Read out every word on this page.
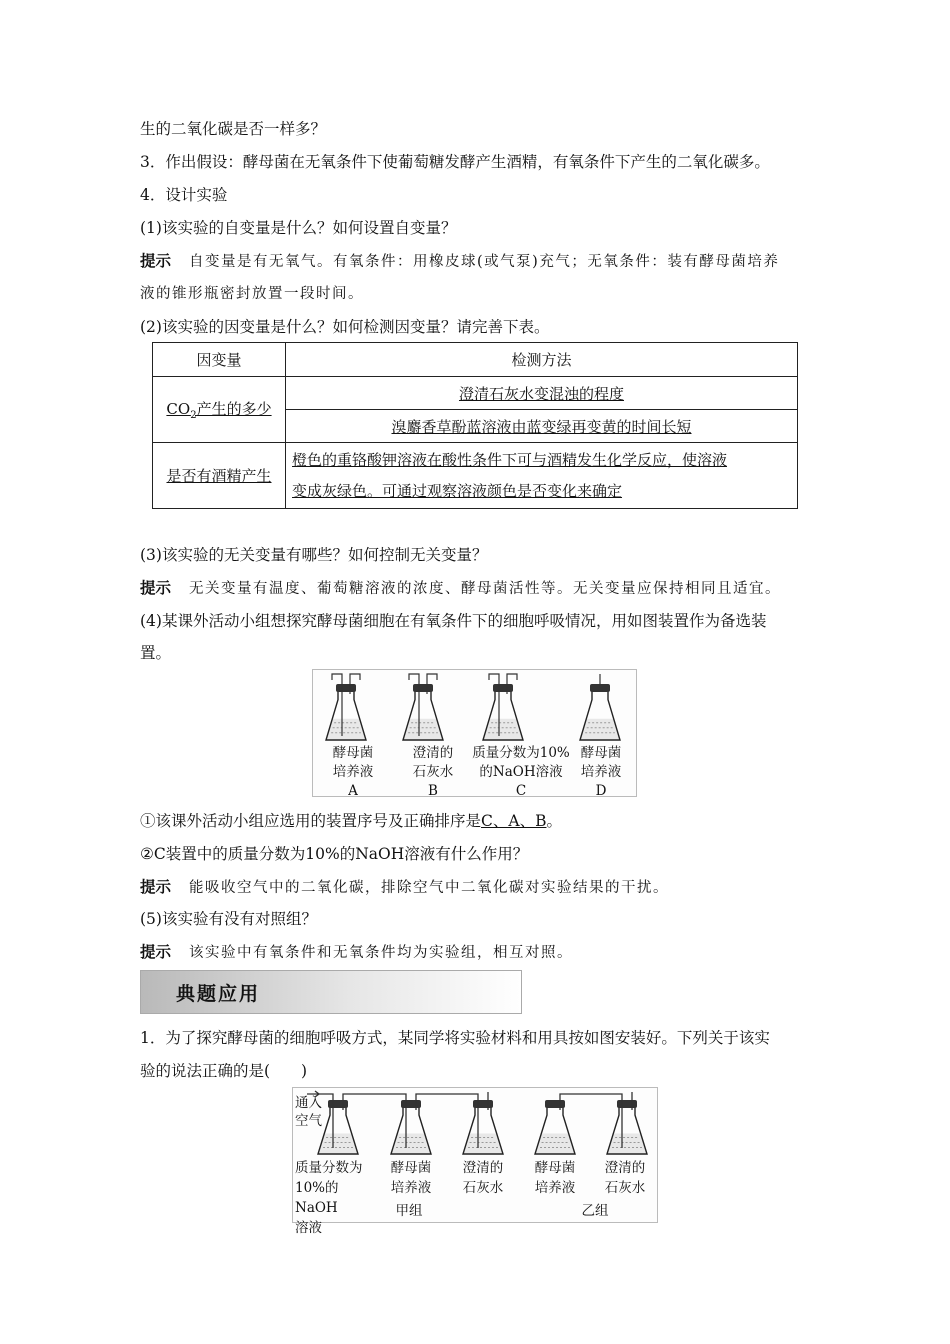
生的二氧化碳是否一样多？
3．作出假设：酵母菌在无氧条件下使葡萄糖发酵产生酒精，有氧条件下产生的二氧化碳多。
4．设计实验
(1)该实验的自变量是什么？如何设置自变量？
提示 自变量是有无氧气。有氧条件：用橡皮球(或气泵)充气；无氧条件：装有酵母菌培养
液的锥形瓶密封放置一段时间。
(2)该实验的因变量是什么？如何检测因变量？请完善下表。
因变量	检测方法
$CO_2$产生的多少	澄清石灰水变混浊的程度
	溴麝香草酚蓝溶液由蓝变绿再变黄的时间长短
是否有酒精产生	橙色的重铬酸钾溶液在酸性条件下可与酒精发生化学反应，使溶液
变成灰绿色。可通过观察溶液颜色是否变化来确定
(3)该实验的无关变量有哪些？如何控制无关变量？
提示 无关变量有温度、葡萄糖溶液的浓度、酵母菌活性等。无关变量应保持相同且适宜。
(4)某课外活动小组想探究酵母菌细胞在有氧条件下的细胞呼吸情况，用如图装置作为备选装
置。
酵母菌
培养液
A
澄清的
石灰水
B
质量分数为10%
的NaOH溶液
C
酵母菌
培养液
D
①该课外活动小组应选用的装置序号及正确排序是C、A、B。
②C装置中的质量分数为10%的NaOH溶液有什么作用？
提示 能吸收空气中的二氧化碳，排除空气中二氧化碳对实验结果的干扰。
(5)该实验有没有对照组？
提示 该实验中有氧条件和无氧条件均为实验组，相互对照。
典题应用
1．为了探究酵母菌的细胞呼吸方式，某同学将实验材料和用具按如图安装好。下列关于该实
验的说法正确的是(　　)
通入
空气
质量分数为
10%的NaOH
溶液
酵母菌
培养液
澄清的
石灰水
酵母菌
培养液
澄清的
石灰水
甲组	乙组
